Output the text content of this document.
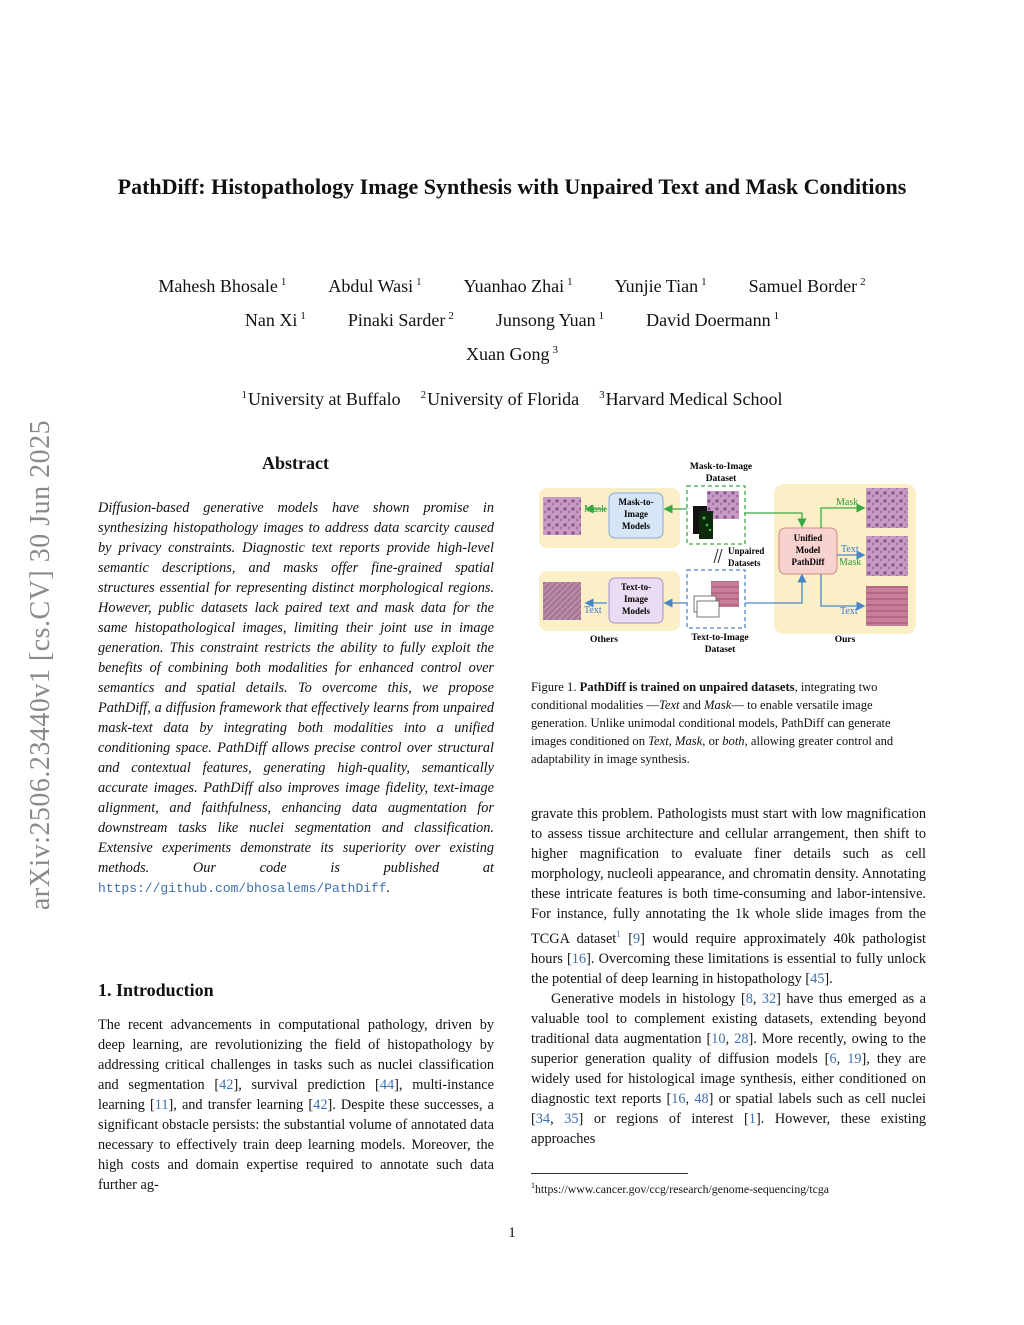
PathDiff: Histopathology Image Synthesis with Unpaired Text and Mask Conditions
Mahesh Bhosale $^1$ Abdul Wasi $^1$ Yuanhao Zhai $^1$ Yunjie Tian $^1$ Samuel Border $^2$
Nan Xi $^1$ Pinaki Sarder $^2$ Junsong Yuan $^1$ David Doermann $^1$
Xuan Gong $^3$
$^1$University at Buffalo $^2$University of Florida $^3$Harvard Medical School
arXiv:2506.23440v1 [cs.CV] 30 Jun 2025	Abstract
Diffusion-based generative models have shown promise in synthesizing histopathology images to address data scarcity caused by privacy constraints. Diagnostic text reports provide high-level semantic descriptions, and masks offer fine-grained spatial structures essential for representing distinct morphological regions. However, public datasets lack paired text and mask data for the same histopathological images, limiting their joint use in image generation. This constraint restricts the ability to fully exploit the benefits of combining both modalities for enhanced control over semantics and spatial details. To overcome this, we propose PathDiff, a diffusion framework that effectively learns from unpaired mask-text data by integrating both modalities into a unified conditioning space. PathDiff allows precise control over structural and contextual features, generating high-quality, semantically accurate images. PathDiff also improves image fidelity, text-image alignment, and faithfulness, enhancing data augmentation for downstream tasks like nuclei segmentation and classification. Extensive experiments demonstrate its superiority over existing methods. Our code is published at https://github.com/bhosalems/PathDiff.
1. Introduction
The recent advancements in computational pathology, driven by deep learning, are revolutionizing the field of histopathology by addressing critical challenges in tasks such as nuclei classification and segmentation [42], survival prediction [44], multi-instance learning [11], and transfer learning [42]. Despite these successes, a significant obstacle persists: the substantial volume of annotated data necessary to effectively train deep learning models. Moreover, the high costs and domain expertise required to annotate such data further ag-
Mask-to-Image
Dataset
Mask
Mask-to-
Image
Models
Text
Text-to-
Image
Models
Others
Unpaired
Datasets
Text-to-Image
Dataset
Unified
Model
PathDiff
Mask
Text
Mask
Text
Ours
Figure 1. PathDiff is trained on unpaired datasets, integrating two conditional modalities —Text and Mask— to enable versatile image generation. Unlike unimodal conditional models, PathDiff can generate images conditioned on Text, Mask, or both, allowing greater control and adaptability in image synthesis.

gravate this problem. Pathologists must start with low magnification to assess tissue architecture and cellular arrangement, then shift to higher magnification to evaluate finer details such as cell morphology, nucleoli appearance, and chromatin density. Annotating these intricate features is both time-consuming and labor-intensive. For instance, fully annotating the 1k whole slide images from the TCGA dataset$^1$ [9] would require approximately 40k pathologist hours [16]. Overcoming these limitations is essential to fully unlock the potential of deep learning in histopathology [45].

Generative models in histology [8, 32] have thus emerged as a valuable tool to complement existing datasets, extending beyond traditional data augmentation [10, 28]. More recently, owing to the superior generation quality of diffusion models [6, 19], they are widely used for histological image synthesis, either conditioned on diagnostic text reports [16, 48] or spatial labels such as cell nuclei [34, 35] or regions of interest [1]. However, these existing approaches

$^1$https://www.cancer.gov/ccg/research/genome-sequencing/tcga
1
